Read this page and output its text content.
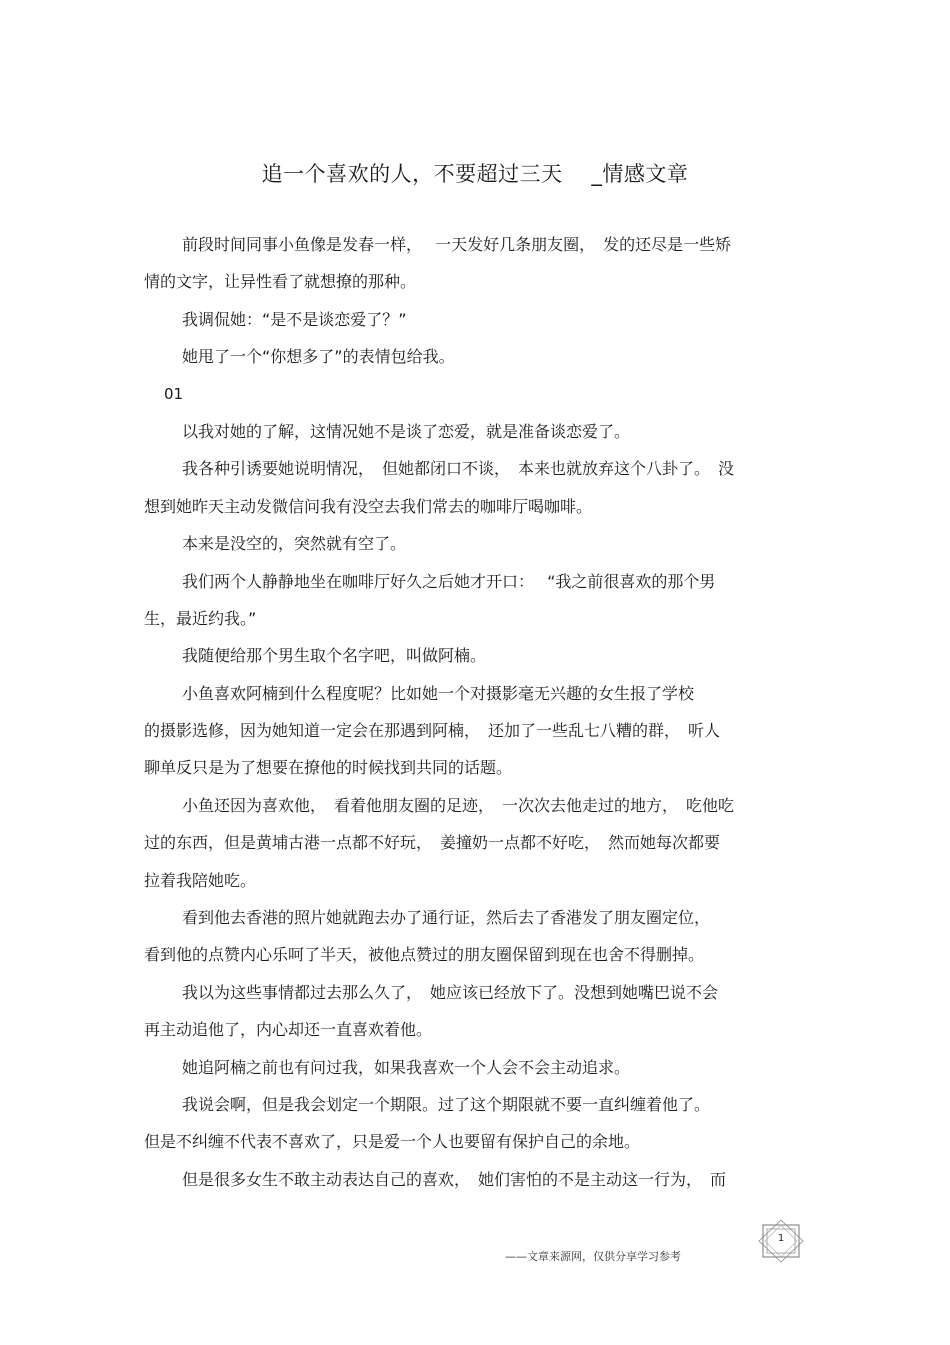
追一个喜欢的人，不要超过三天　 _情感文章
前段时间同事小鱼像是发春一样，　 一天发好几条朋友圈，　发的还尽是一些矫
情的文字，让异性看了就想撩的那种。
我调侃她：“是不是谈恋爱了？”
她甩了一个“你想多了”的表情包给我。
01
以我对她的了解，这情况她不是谈了恋爱，就是准备谈恋爱了。
我各种引诱要她说明情况，　但她都闭口不谈，　本来也就放弃这个八卦了。　没
想到她昨天主动发微信问我有没空去我们常去的咖啡厅喝咖啡。
本来是没空的，突然就有空了。
我们两个人静静地坐在咖啡厅好久之后她才开口：　 “我之前很喜欢的那个男
生，最近约我。”
我随便给那个男生取个名字吧，叫做阿楠。
小鱼喜欢阿楠到什么程度呢？比如她一个对摄影毫无兴趣的女生报了学校
的摄影选修，因为她知道一定会在那遇到阿楠，　还加了一些乱七八糟的群，　听人
聊单反只是为了想要在撩他的时候找到共同的话题。
小鱼还因为喜欢他，　看着他朋友圈的足迹，　一次次去他走过的地方，　吃他吃
过的东西，但是黄埔古港一点都不好玩，　姜撞奶一点都不好吃，　然而她每次都要
拉着我陪她吃。
看到他去香港的照片她就跑去办了通行证，然后去了香港发了朋友圈定位，
看到他的点赞内心乐呵了半天，被他点赞过的朋友圈保留到现在也舍不得删掉。
我以为这些事情都过去那么久了，　她应该已经放下了。没想到她嘴巴说不会
再主动追他了，内心却还一直喜欢着他。
她追阿楠之前也有问过我，如果我喜欢一个人会不会主动追求。
我说会啊，但是我会划定一个期限。过了这个期限就不要一直纠缠着他了。
但是不纠缠不代表不喜欢了，只是爱一个人也要留有保护自己的余地。
但是很多女生不敢主动表达自己的喜欢，　她们害怕的不是主动这一行为，　而
——文章来源网，仅供分享学习参考
1
